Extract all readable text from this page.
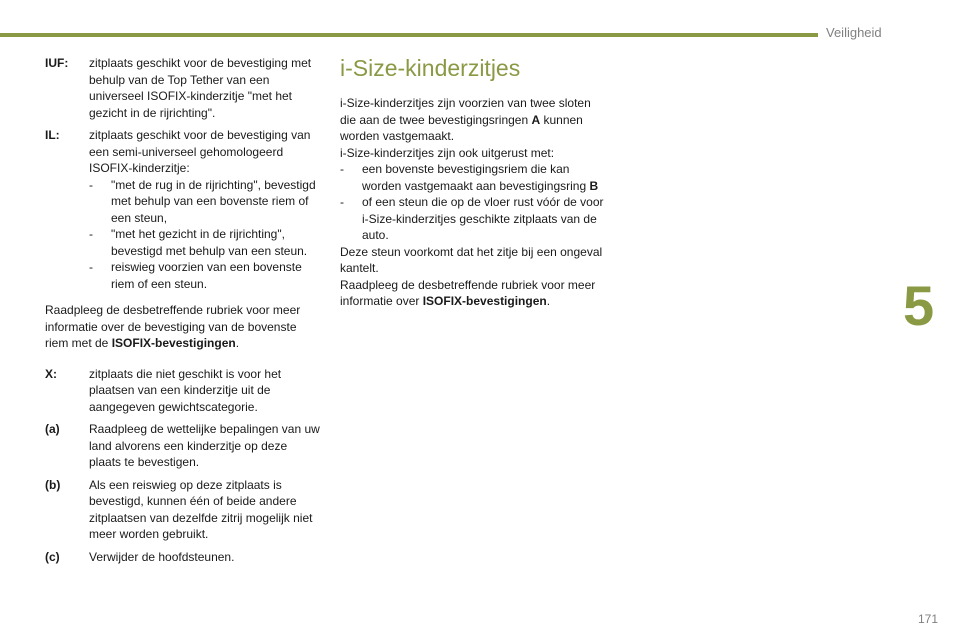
Veiligheid
5
171
IUF:	zitplaats geschikt voor de bevestiging met behulp van de Top Tether van een universeel ISOFIX-kinderzitje "met het gezicht in de rijrichting".
IL:	zitplaats geschikt voor de bevestiging van een semi-universeel gehomologeerd ISOFIX-kinderzitje:
-	"met de rug in de rijrichting", bevestigd met behulp van een bovenste riem of een steun,
-	"met het gezicht in de rijrichting", bevestigd met behulp van een steun.
-	reiswieg voorzien van een bovenste riem of een steun.
Raadpleeg de desbetreffende rubriek voor meer informatie over de bevestiging van de bovenste riem met de ISOFIX-bevestigingen.
X:	zitplaats die niet geschikt is voor het plaatsen van een kinderzitje uit de aangegeven gewichtscategorie.
(a)	Raadpleeg de wettelijke bepalingen van uw land alvorens een kinderzitje op deze plaats te bevestigen.
(b)	Als een reiswieg op deze zitplaats is bevestigd, kunnen één of beide andere zitplaatsen van dezelfde zitrij mogelijk niet meer worden gebruikt.
(c)	Verwijder de hoofdsteunen.
i-Size-kinderzitjes
i-Size-kinderzitjes zijn voorzien van twee sloten die aan de twee bevestigingsringen A kunnen worden vastgemaakt.
i-Size-kinderzitjes zijn ook uitgerust met:
-	een bovenste bevestigingsriem die kan worden vastgemaakt aan bevestigingsring B
-	of een steun die op de vloer rust vóór de voor i-Size-kinderzitjes geschikte zitplaats van de auto.
Deze steun voorkomt dat het zitje bij een ongeval kantelt.
Raadpleeg de desbetreffende rubriek voor meer informatie over ISOFIX-bevestigingen.
